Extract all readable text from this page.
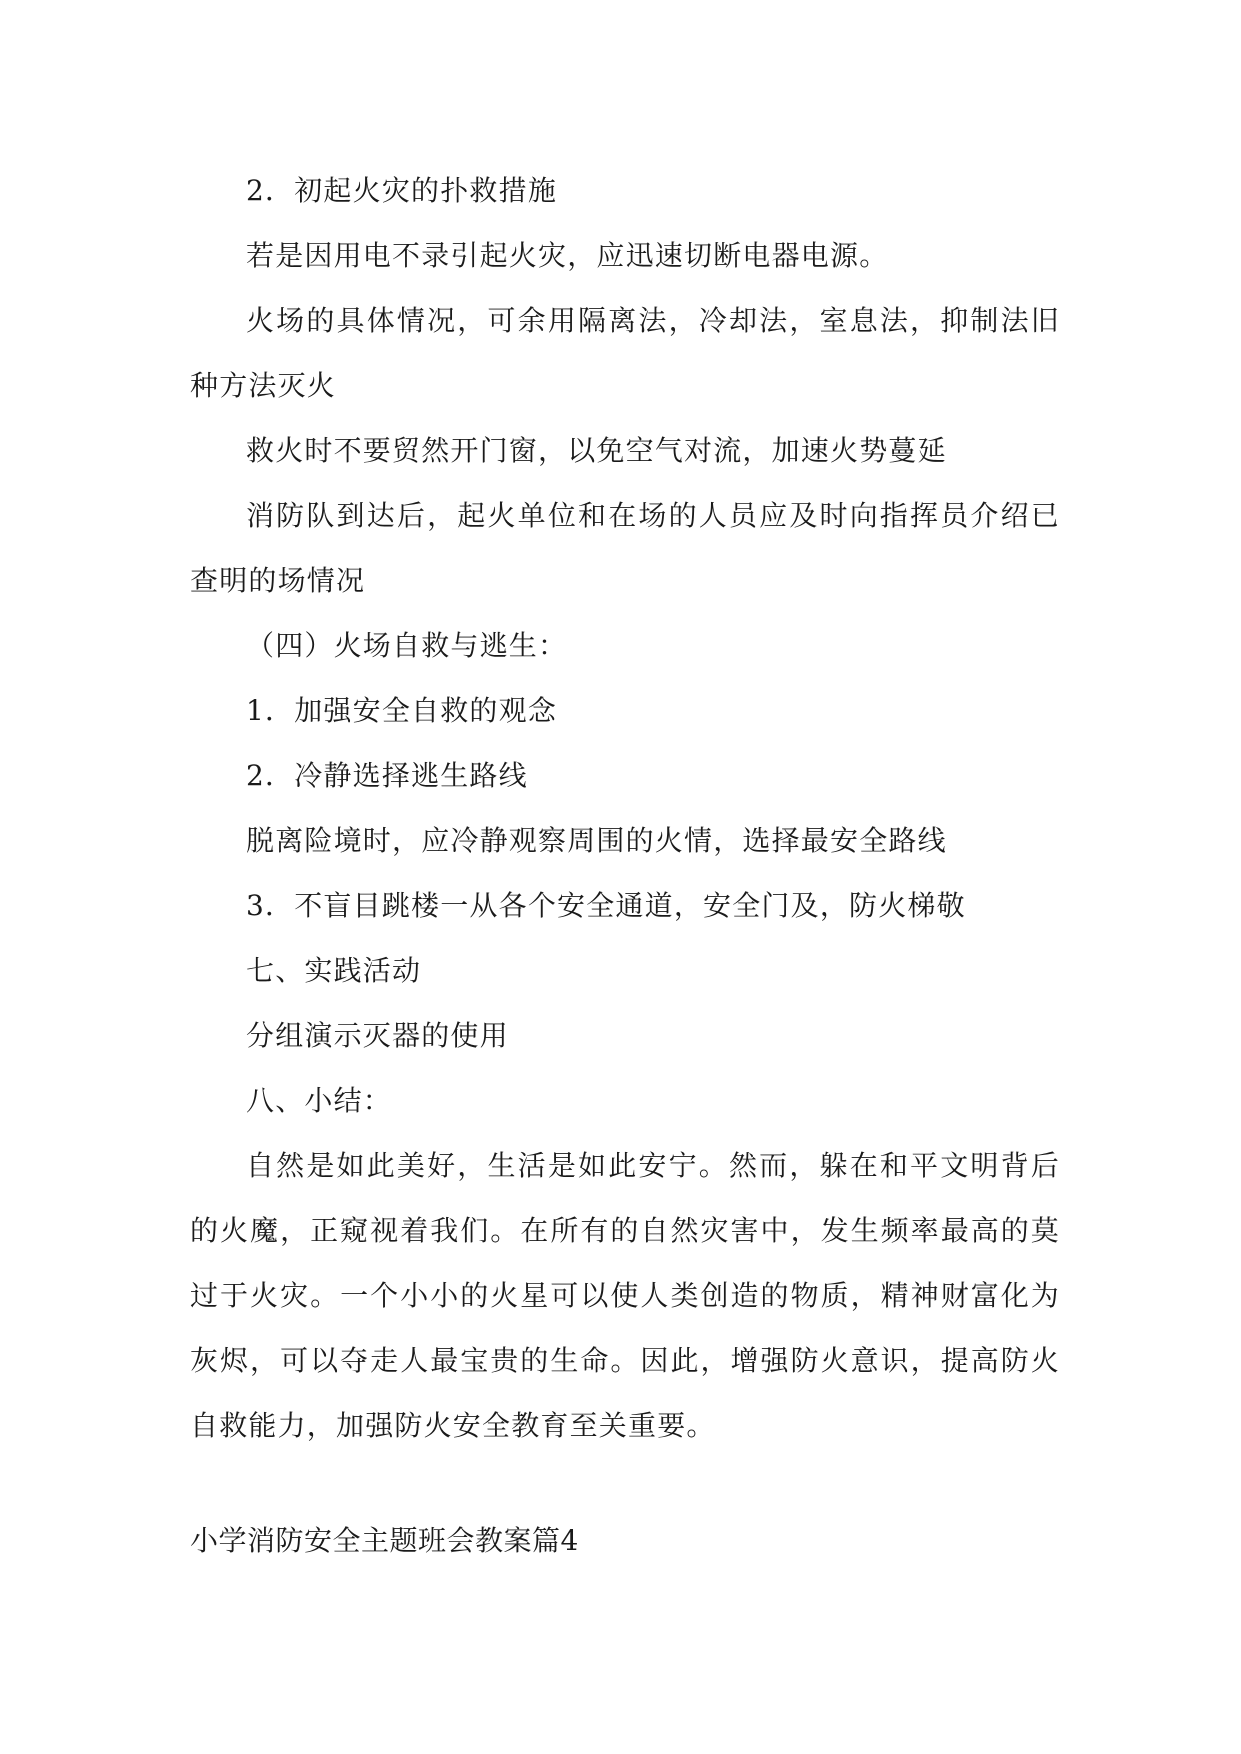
2．初起火灾的扑救措施

若是因用电不录引起火灾，应迅速切断电器电源。

火场的具体情况，可余用隔离法，冷却法，室息法，抑制法旧种方法灭火

救火时不要贸然开门窗，以免空气对流，加速火势蔓延

消防队到达后，起火单位和在场的人员应及时向指挥员介绍已查明的场情况

（四）火场自救与逃生：

1．加强安全自救的观念

2．冷静选择逃生路线

脱离险境时，应冷静观察周围的火情，选择最安全路线

3．不盲目跳楼一从各个安全通道，安全门及，防火梯敬

七、实践活动

分组演示灭器的使用

八、小结：

自然是如此美好，生活是如此安宁。然而，躲在和平文明背后的火魔，正窥视着我们。在所有的自然灾害中，发生频率最高的莫过于火灾。一个小小的火星可以使人类创造的物质，精神财富化为灰烬，可以夺走人最宝贵的生命。因此，增强防火意识，提高防火自救能力，加强防火安全教育至关重要。

小学消防安全主题班会教案篇4
